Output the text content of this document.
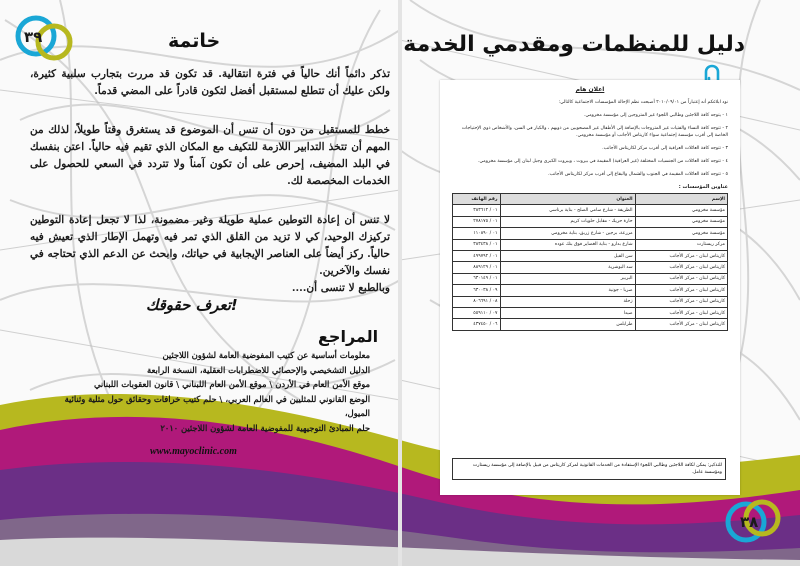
٣٩
٣٨
خاتمة
تذكر دائماً أنك حالياً في فترة انتقالية. قد تكون قد مررت بتجارب سلبية كثيرة، ولكن عليك أن تتطلع لمستقبل أفضل لتكون قادراً على المضي قدماً.
خطط للمستقبل من دون أن تنس أن الموضوع قد يستغرق وقتاً طويلاً، لذلك من المهم أن تتخذ التدابير اللازمة للتكيف مع المكان الذي تقيم فيه حالياً. اعتن بنفسك في البلد المضيف، إحرص على أن تكون آمناً ولا تتردد في السعي للحصول على الخدمات المخصصة لك.
لا تنس أن إعادة التوطين عملية طويلة وغير مضمونة، لذا لا تجعل إعادة التوطين تركيزك الوحيد، كي لا تزيد من القلق الذي تمر فيه وتهمل الإطار الذي تعيش فيه حالياً. ركز أيضاً على العناصر الإيجابية في حياتك، وابحث عن الدعم الذي تحتاجه في نفسك والآخرين.
وبالطبع لا تنسى أن....
تعرف حقوقك!
المراجع
معلومات أساسية عن كتيب المفوضية العامة لشؤون اللاجئين
الدليل التشخيصي والإحصائي للاضطرابات العقلية، النسخة الرابعة
موقع الأمن العام في الأردن \ موقع الأمن العام اللبناني \ قانون العقوبات اللبناني
الوضع القانوني للمثليين في العالم العربي، \ حلم كتيب خرافات وحقائق حول مثلية وثنائية الميول،
حلم المبادئ التوجيهية للمفوضية العامة لشؤون اللاجئين ٢٠١٠
www.mayoclinic.com
دليل للمنظمات ومقدمي الخدمة
اعلان هام

نود ابلاغكم أنه إعتباراً من ٢٠١٠/٠٩/٠١ أصبحت نظم الإحالة المؤسسات الاجتماعية كالتالي:

١ - يتوجه كافة اللاجئين وطالبي اللجوء غير المتزوجين إلى مؤسسة مخزومي.

٢ - تتوجه كافة النساء والفتيات غير المتزوجات بالإضافة إلى الأطفال غير المصحوبين من ذويهم ، والكبار في السن، والأشخاص ذوي الإحتياجات الخاصة إلى أقرب مؤسسة إجتماعية سواء كاريتاس الأجانب أو مؤسسة مخزومي.

٣ - تتوجه كافة العائلات العراقية إلى أقرب مركز لكاريتاس الأجانب.

٤ - تتوجه كافة العائلات من الجنسيات المختلفة (غير العراقية) المقيمة في بيروت ، وبيروت الكبرى وجبل لبنان إلى مؤسسة مخزومي.

٥ - تتوجه كافة العائلات المقيمة في الجنوب والشمال والبقاع إلى أقرب مركز لكاريتاس الأجانب.

عناوين المؤسسات :
الإسم	العنوان	رقم الهاتف
مؤسسة مخزومي	الظريفة - شارع سامي الصلح - بناية برناسي	٠١ / ٣٨٣٦١٢
مؤسسة مخزومي	حارة حريك - مقابل حلويات كريم	٠١ / ٢٧٨١٧٥
مؤسسة مخزومي	مزرعة، برجين - شارع زريق، بناية مخزومي	٠١ / ١١٠٨٩٠
مركز ريستارت	شارع بدارو - بناية الغضاير فوق بنك عوده	٠١ / ٣٨٣٤٣٨
كاريتاس لبنان - مركز الأجانب	سن الفيل	٠١ / ٤٩٩٧٩٢
كاريتاس لبنان - مركز الأجانب	سد البوشرية	٠١ / ٨٨٩١٢٩
كاريتاس لبنان - مركز الأجانب	البربير	٠١ / ٦٣٠١٤٩
كاريتاس لبنان - مركز الأجانب	صربا - جونية	٠٩ / ٦٣٠٠٣٨
كاريتاس لبنان - مركز الأجانب	زحلة	٠٨ / ٨٠٦٦٩١
كاريتاس لبنان - مركز الأجانب	صيدا	٠٧ / ٥٥٩١١٠
كاريتاس لبنان - مركز الأجانب	طرابلس	٠٦ / ٤٣٧٤٥٠
للتذكير: يمكن لكافة اللاجئين وطالبي اللجوء الإستفادة من الخدمات القانونية لمركز كاريتاس من قبيل بالإضافة إلى مؤسسة ريستارت ومؤسسة عامل.
